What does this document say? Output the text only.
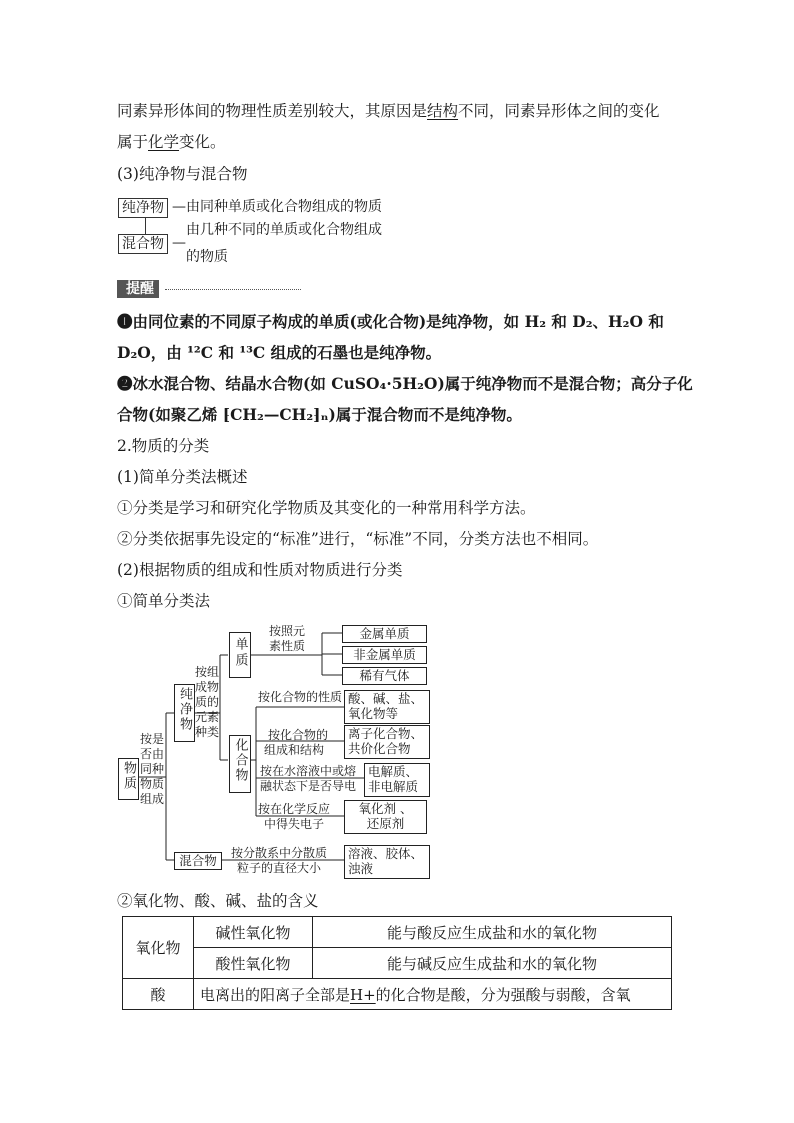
同素异形体间的物理性质差别较大，其原因是结构不同，同素异形体之间的变化
属于化学变化。
(3)纯净物与混合物
纯净物 —由同种单质或化合物组成的物质
由几种不同的单质或化合物组成
混合物 —
的物质
提醒
❶由同位素的不同原子构成的单质(或化合物)是纯净物，如 H₂ 和 D₂、H₂O 和
D₂O，由 ¹²C 和 ¹³C 组成的石墨也是纯净物。
❷冰水混合物、结晶水合物(如 CuSO₄·5H₂O)属于纯净物而不是混合物；高分子化
合物(如聚乙烯 ⁅CH₂—CH₂⁆ₙ)属于混合物而不是纯净物。
2.物质的分类
(1)简单分类法概述
①分类是学习和研究化学物质及其变化的一种常用科学方法。
②分类依据事先设定的“标准”进行，“标准”不同，分类方法也不相同。
(2)根据物质的组成和性质对物质进行分类
①简单分类法
物质
按是
否由
同种
物质
组成
纯净物
按组
成物
质的
元素
种类
单质
按照元
素性质
金属单质
非金属单质
稀有气体
化合物
按化合物的性质 酸、碱、盐、
氧化物等
按化合物的
组成和结构
离子化合物、
共价化合物
按在水溶液中或熔
融状态下是否导电
电解质、
非电解质
按在化学反应
中得失电子
氧化剂 、
还原剂
混合物	按分散系中分散质
粒子的直径大小
溶液、胶体、
浊液
②氧化物、酸、碱、盐的含义
氧化物	碱性氧化物	能与酸反应生成盐和水的氧化物
	酸性氧化物	能与碱反应生成盐和水的氧化物
酸	电离出的阳离子全部是H+的化合物是酸，分为强酸与弱酸，含氧	
